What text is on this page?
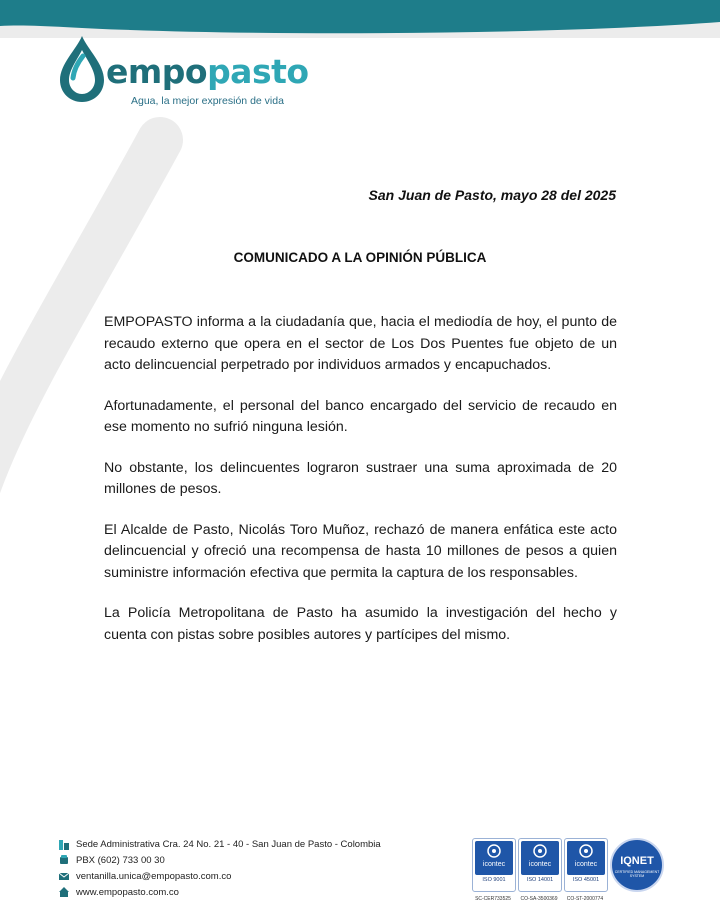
empopasto
Agua, la mejor expresión de vida
San Juan de Pasto, mayo 28 del 2025
COMUNICADO A LA OPINIÓN PÚBLICA

EMPOPASTO informa a la ciudadanía que, hacia el mediodía de hoy, el punto de recaudo externo que opera en el sector de Los Dos Puentes fue objeto de un acto delincuencial perpetrado por individuos armados y encapuchados.

Afortunadamente, el personal del banco encargado del servicio de recaudo en ese momento no sufrió ninguna lesión.

No obstante, los delincuentes lograron sustraer una suma aproximada de 20 millones de pesos.

El Alcalde de Pasto, Nicolás Toro Muñoz, rechazó de manera enfática este acto delincuencial y ofreció una recompensa de hasta 10 millones de pesos a quien suministre información efectiva que permita la captura de los responsables.

La Policía Metropolitana de Pasto ha asumido la investigación del hecho y cuenta con pistas sobre posibles autores y partícipes del mismo.

Sede Administrativa Cra. 24 No. 21 - 40 - San Juan de Pasto - Colombia
PBX (602) 733 00 30
ventanilla.unica@empopasto.com.co
www.empopasto.com.co
icontec
ISO 9001
SC-CER733525
icontec
ISO 14001
CO-SA-3500369
icontec
ISO 45001
CO-ST-2000774
IQNET
CERTIFIED MANAGEMENT SYSTEM
